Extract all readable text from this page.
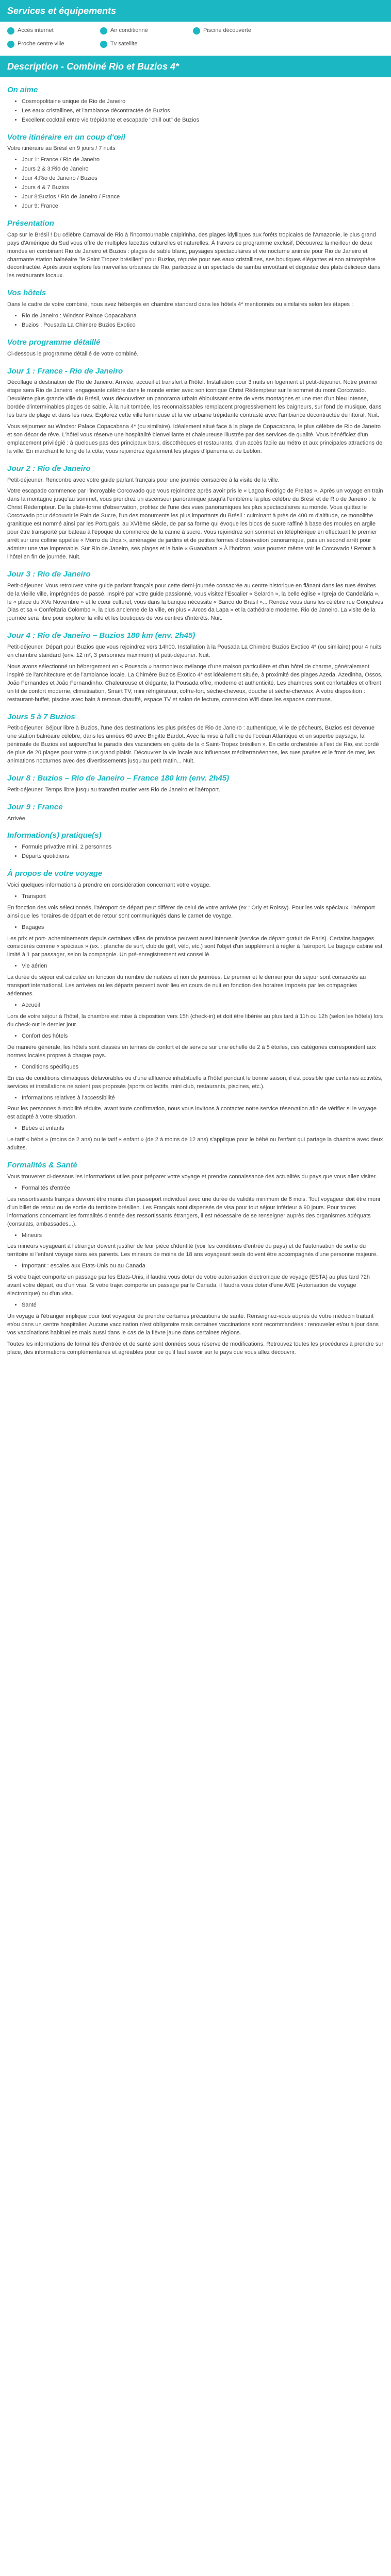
Services et équipements
Accès internet	Air conditionné	Piscine découverte
Proche centre ville	Tv satellite
Description - Combiné Rio et Buzios 4*
On aime
• Cosmopolitaine unique de Rio de Janeiro
• Les eaux cristallines, et l'ambiance décontractée de Buzios
• Excellent cocktail entre vie trépidante et escapade "chill out" de Buzios
Votre itinéraire en un coup d'œil

Votre itinéraire au Brésil en 9 jours / 7 nuits

• Jour 1: France / Rio de Janeiro
• Jours 2 & 3:Rio de Janeiro
• Jour 4:Rio de Janeiro / Buzios
• Jours 4 & 7 Buzios
• Jour 8:Buzios / Rio de Janeiro / France
• Jour 9: France
Présentation

Cap sur le Brésil ! Du célèbre Carnaval de Rio à l'incontournable caïpirinha, des plages idylliques aux forêts tropicales de l'Amazonie, le plus grand pays d'Amérique du Sud vous offre de multiples facettes culturelles et naturelles. À travers ce programme exclusif, Découvrez la meilleur de deux mondes en combinant Rio de Janeiro et Buzios : plages de sable blanc, paysages spectaculaires et vie nocturne animée pour Rio de Janeiro et charmante station balnéaire "le Saint Tropez brésilien" pour Buzios, réputée pour ses eaux cristallines, ses boutiques élégantes et son atmosphère décontractée. Après avoir exploré les merveilles urbaines de Rio, participez à un spectacle de samba envoûtant et dégustez des plats délicieux dans les restaurants locaux.

Vos hôtels

Dans le cadre de votre combiné, nous avez hébergés en chambre standard dans les hôtels 4* mentionnés ou similaires selon les étapes :

• Rio de Janeiro : Windsor Palace Copacabana
• Buzios : Pousada La Chimère Buzios Exotico
Votre programme détaillé

Ci-dessous le programme détaillé de votre combiné.

Jour 1 : France - Rio de Janeiro

Décollage à destination de Rio de Janeiro. Arrivée, accueil et transfert à l'hôtel. Installation pour 3 nuits en logement et petit-déjeuner. Notre premier étape sera Rio de Janeiro, engageante célèbre dans le monde entier avec son iconique Christ Rédempteur sur le sommet du mont Corcovado. Deuxième plus grande ville du Brésil, vous découvrirez un panorama urbain éblouissant entre de verts montagnes et une mer d'un bleu intense, bordée d'interminables plages de sable. À la nuit tombée, les reconnaissables remplacent progressivement les baigneurs, sur fond de musique, dans les bars de plage et dans les rues. Explorez cette ville lumineuse et la vie urbaine trépidante contrasté avec l'ambiance décontractée du littoral. Nuit.

Vous séjournez au Windsor Palace Copacabana 4* (ou similaire). Idéalement situé face à la plage de Copacabana, le plus célèbre de Rio de Janeiro et son décor de rêve. L'hôtel vous réserve une hospitalité bienveillante et chaleureuse illustrée par des services de qualité. Vous bénéficiez d'un emplacement privilégié : à quelques pas des principaux bars, discothèques et restaurants, d'un accès facile au métro et aux principales attractions de la ville. En marchant le long de la côte, vous rejoindrez également les plages d'Ipanema et de Leblon.

Jour 2 : Rio de Janeiro

Petit-déjeuner. Rencontre avec votre guide parlant français pour une journée consacrée à la visite de la ville.

Votre escapade commence par l'incroyable Corcovado que vous rejoindrez après avoir pris le « Lagoa Rodrigo de Freitas ». Après un voyage en train dans la montagne jusqu'au sommet, vous prendrez un ascenseur panoramique jusqu'à l'emblème la plus célèbre du Brésil et de Rio de Janeiro : le Christ Rédempteur. De la plate-forme d'observation, profitez de l'une des vues panoramiques les plus spectaculaires au monde. Vous quittez le Corcovado pour découvrir le Pain de Sucre, l'un des monuments les plus importants du Brésil : culminant à près de 400 m d'altitude, ce monolithe granitique est nommé ainsi par les Portugais, au XVIème siècle, de par sa forme qui évoque les blocs de sucre raffiné à base des moules en argile pour être transporté par bateau à l'époque du commerce de la canne à sucre. Vous rejoindrez son sommet en téléphérique en effectuant le premier arrêt sur une colline appelée « Morro da Urca », aménagée de jardins et de petites formes d'observation panoramique, puis un second arrêt pour admirer une vue imprenable. Sur Rio de Janeiro, ses plages et la baie « Guanabara » À l'horizon, vous pourrez même voir le Corcovado ! Retour à l'hôtel en fin de journée. Nuit.

Jour 3 : Rio de Janeiro

Petit-déjeuner. Vous retrouvez votre guide parlant français pour cette demi-journée consacrée au centre historique en flânant dans les rues étroites de la vieille ville, imprégnées de passé. Inspiré par votre guide passionné, vous visitez l'Escalier « Selarón », la belle église « Igreja de Candelária », le « place du XVe Novembre » et le cœur culturel, vous dans la banque nécessite « Banco do Brasil »... Rendez vous dans les célèbre rue Gonçalves Dias et sa « Confeitaria Colombo », la plus ancienne de la ville, en plus « Arcos da Lapa » et la cathédrale moderne. Rio de Janeiro. La visite de la journée sera libre pour explorer la ville et les boutiques de vos centres d'intérêts. Nuit.

Jour 4 : Rio de Janeiro – Buzios 180 km (env. 2h45)

Petit-déjeuner. Départ pour Buzios que vous rejoindrez vers 14h00. Installation à la Pousada La Chimère Buzios Exotico 4* (ou similaire) pour 4 nuits en chambre standard (env. 12 m², 3 personnes maximum) et petit-déjeuner. Nuit.

Nous avons sélectionné un hébergement en « Pousada » harmonieux mélange d'une maison particulière et d'un hôtel de charme, généralement inspiré de l'architecture et de l'ambiance locale. La Chimère Buzios Exotico 4* est idéalement située, à proximité des plages Azeda, Azedinha, Ossos, João Fernandes et João Fernandinho. Chaleureuse et élégante, la Pousada offre, moderne et authenticité. Les chambres sont confortables et offrent un lit de confort moderne, climatisation, Smart TV, mini réfrigérateur, coffre-fort, sèche-cheveux, douche et sèche-cheveux. A votre disposition : restaurant-buffet, piscine avec bain à remous chauffé, espace TV et salon de lecture, connexion Wifi dans les espaces communs.

Jours 5 à 7 Buzios

Petit-déjeuner. Séjour libre à Buzios, l'une des destinations les plus prisées de Rio de Janeiro : authentique, ville de pêcheurs, Buzios est devenue une station balnéaire célèbre, dans les années 60 avec Brigitte Bardot. Avec la mise à l'affiche de l'océan Atlantique et un superbe paysage, la péninsule de Buzios est aujourd'hui le paradis des vacanciers en quête de la « Saint-Tropez brésilien ». En cette orchestrée à l'est de Rio, est bordé de plus de 20 plages pour votre plus grand plaisir. Découvrez la vie locale aux influences méditerranéennes, les rues pavées et le front de mer, les animations nocturnes avec des divertissements jusqu'au petit matin... Nuit.

Jour 8 : Buzios – Rio de Janeiro – France 180 km (env. 2h45)

Petit-déjeuner. Temps libre jusqu'au transfert routier vers Rio de Janeiro et l'aéroport.

Jour 9 : France

Arrivée.

Information(s) pratique(s)
• Formule privative mini. 2 personnes
• Départs quotidiens
À propos de votre voyage

Voici quelques informations à prendre en considération concernant votre voyage.

• Transport

En fonction des vols sélectionnés, l'aéroport de départ peut différer de celui de votre arrivée (ex : Orly et Roissy). Pour les vols spéciaux, l'aéroport ainsi que les horaires de départ et de retour sont communiqués dans le carnet de voyage.

• Bagages

Les prix et port- acheminements depuis certaines villes de province peuvent aussi intervenir (service de départ gratuit de Paris). Certains bagages considérés comme « spéciaux » (ex. : planche de surf, club de golf, vélo, etc.) sont l'objet d'un supplément à régler à l'aéroport. Le bagage cabine est limité à 1 par passager, selon la compagnie. Un pré-enregistrement est conseillé.

• Vie aérien

La durée du séjour est calculée en fonction du nombre de nuitées et non de journées. Le premier et le dernier jour du séjour sont consacrés au transport international. Les arrivées ou les départs peuvent avoir lieu en cours de nuit en fonction des horaires imposés par les compagnies aériennes.

• Accueil

Lors de votre séjour à l'hôtel, la chambre est mise à disposition vers 15h (check-in) et doit être libérée au plus tard à 11h ou 12h (selon les hôtels) lors du check-out le dernier jour.

• Confort des hôtels

De manière générale, les hôtels sont classés en termes de confort et de service sur une échelle de 2 à 5 étoiles, ces catégories correspondent aux normes locales propres à chaque pays.

• Conditions spécifiques

En cas de conditions climatiques défavorables ou d'une affluence inhabituelle à l'hôtel pendant le bonne saison, il est possible que certaines activités, services et installations ne soient pas proposés (sports collectifs, mini club, restaurants, piscines, etc.).

• Informations relatives à l'accessibilité

Pour les personnes à mobilité réduite, avant toute confirmation, nous vous invitons à contacter notre service réservation afin de vérifier si le voyage est adapté à votre situation.

• Bébés et enfants

Le tarif « bébé » (moins de 2 ans) ou le tarif « enfant » (de 2 à moins de 12 ans) s'applique pour le bébé ou l'enfant qui partage la chambre avec deux adultes.

Formalités & Santé

Vous trouverez ci-dessous les informations utiles pour préparer votre voyage et prendre connaissance des actualités du pays que vous allez visiter.

• Formalités d'entrée

Les ressortissants français devront être munis d'un passeport individuel avec une durée de validité minimum de 6 mois. Tout voyageur doit être muni d'un billet de retour ou de sortie du territoire brésilien. Les Français sont dispensés de visa pour tout séjour inférieur à 90 jours. Pour toutes informations concernant les formalités d'entrée des ressortissants étrangers, il est nécessaire de se renseigner auprès des organismes adéquats (consulats, ambassades...).

• Mineurs

Les mineurs voyageant à l'étranger doivent justifier de leur pièce d'identité (voir les conditions d'entrée du pays) et de l'autorisation de sortie du territoire si l'enfant voyage sans ses parents. Les mineurs de moins de 18 ans voyageant seuls doivent être accompagnés d'une personne majeure.

• Important : escales aux Etats-Unis ou au Canada

Si votre trajet comporte un passage par les Etats-Unis, il faudra vous doter de votre autorisation électronique de voyage (ESTA) au plus tard 72h avant votre départ, ou d'un visa. Si votre trajet comporte un passage par le Canada, il faudra vous doter d'une AVE (Autorisation de voyage électronique) ou d'un visa.

• Santé

Un voyage à l'étranger implique pour tout voyageur de prendre certaines précautions de santé. Renseignez-vous auprès de votre médecin traitant et/ou dans un centre hospitalier. Aucune vaccination n'est obligatoire mais certaines vaccinations sont recommandées : renouveler et/ou à jour dans vos vaccinations habituelles mais aussi dans le cas de la fièvre jaune dans certaines régions.

Toutes les informations de formalités d'entrée et de santé sont données sous réserve de modifications. Retrouvez toutes les procédures à prendre sur place, des informations complémentaires et agréables pour ce qu'il faut savoir sur le pays que vous allez découvrir.
